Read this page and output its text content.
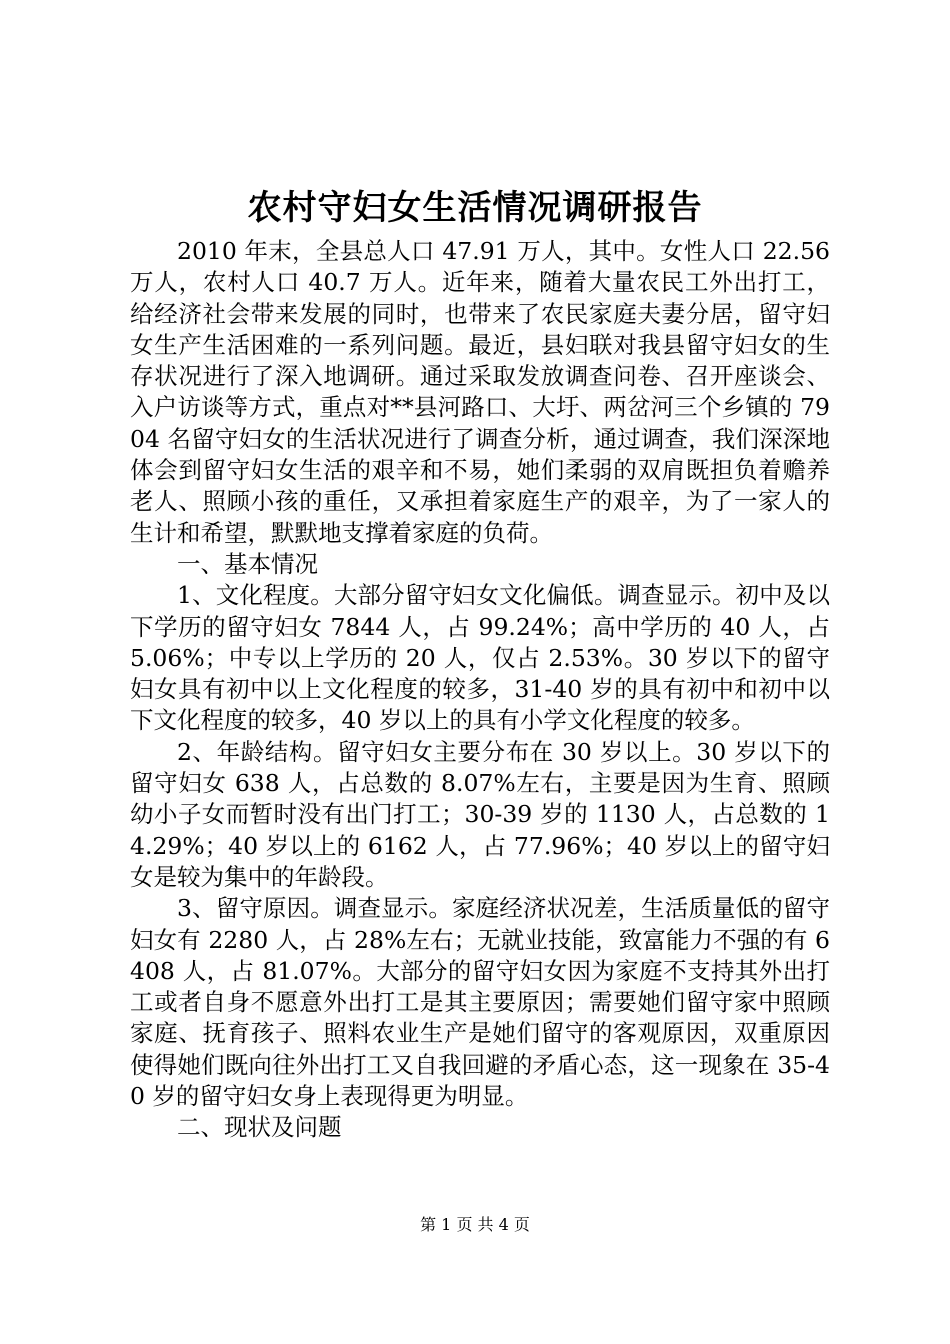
农村守妇女生活情况调研报告

2010 年末，全县总人口 47.91 万人，其中。女性人口 22.56 万人，农村人口 40.7 万人。近年来，随着大量农民工外出打工，给经济社会带来发展的同时，也带来了农民家庭夫妻分居，留守妇女生产生活困难的一系列问题。最近，县妇联对我县留守妇女的生存状况进行了深入地调研。通过采取发放调查问卷、召开座谈会、入户访谈等方式，重点对**县河路口、大圩、两岔河三个乡镇的 7904 名留守妇女的生活状况进行了调查分析，通过调查，我们深深地体会到留守妇女生活的艰辛和不易，她们柔弱的双肩既担负着赡养老人、照顾小孩的重任，又承担着家庭生产的艰辛，为了一家人的生计和希望，默默地支撑着家庭的负荷。

一、基本情况

1、文化程度。大部分留守妇女文化偏低。调查显示。初中及以下学历的留守妇女 7844 人，占 99.24%；高中学历的 40 人，占 5.06%；中专以上学历的 20 人，仅占 2.53%。30 岁以下的留守妇女具有初中以上文化程度的较多，31-40 岁的具有初中和初中以下文化程度的较多，40 岁以上的具有小学文化程度的较多。

2、年龄结构。留守妇女主要分布在 30 岁以上。30 岁以下的留守妇女 638 人，占总数的 8.07%左右，主要是因为生育、照顾幼小子女而暂时没有出门打工；30-39 岁的 1130 人，占总数的 14.29%；40 岁以上的 6162 人，占 77.96%；40 岁以上的留守妇女是较为集中的年龄段。

3、留守原因。调查显示。家庭经济状况差，生活质量低的留守妇女有 2280 人，占 28%左右；无就业技能，致富能力不强的有 6408 人，占 81.07%。大部分的留守妇女因为家庭不支持其外出打工或者自身不愿意外出打工是其主要原因；需要她们留守家中照顾家庭、抚育孩子、照料农业生产是她们留守的客观原因，双重原因使得她们既向往外出打工又自我回避的矛盾心态，这一现象在 35-40 岁的留守妇女身上表现得更为明显。

二、现状及问题

第 1 页 共 4 页
